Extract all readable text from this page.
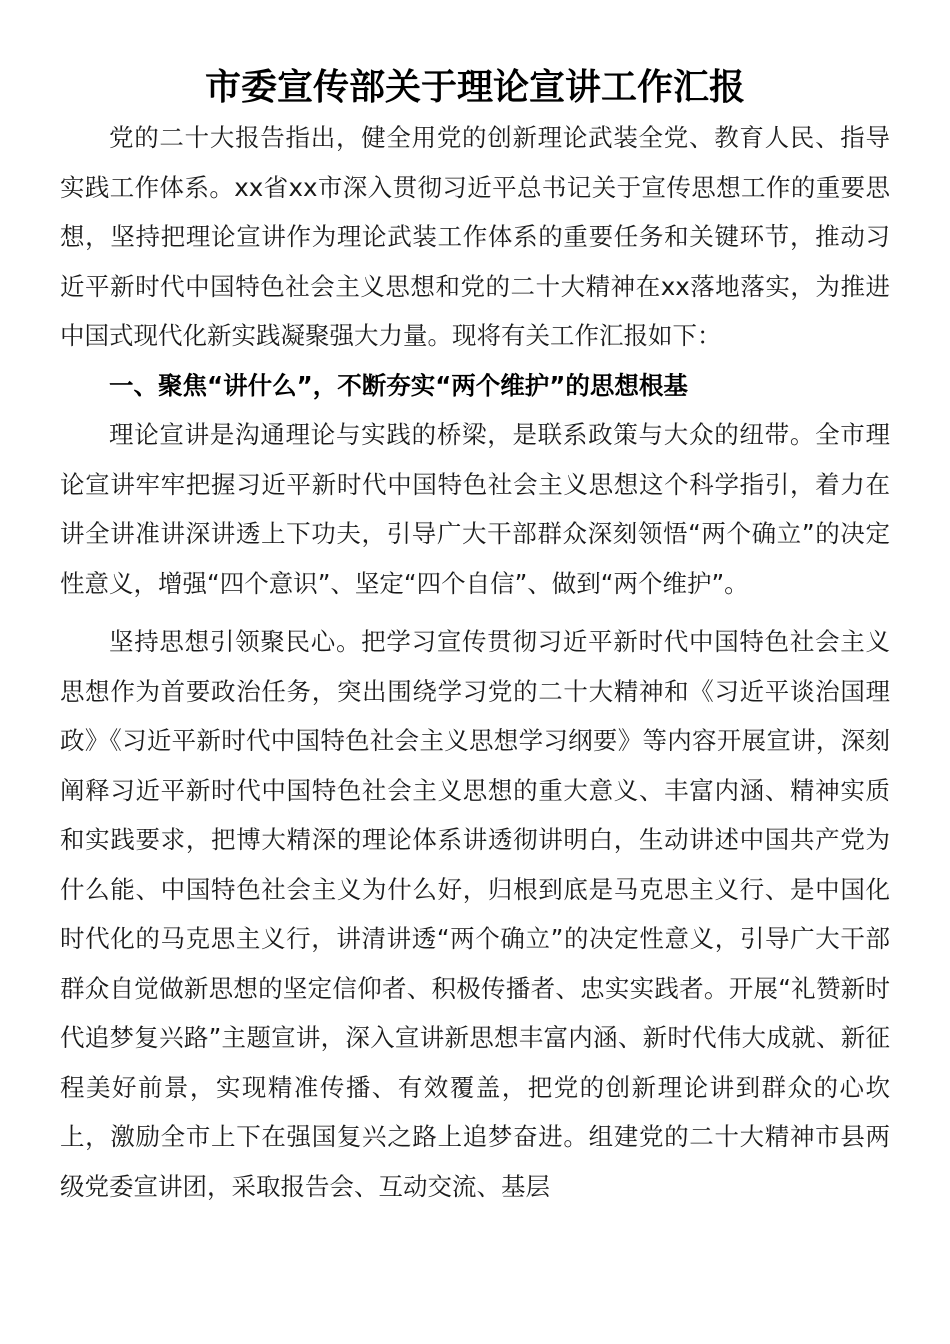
市委宣传部关于理论宣讲工作汇报

党的二十大报告指出，健全用党的创新理论武装全党、教育人民、指导实践工作体系。xx省xx市深入贯彻习近平总书记关于宣传思想工作的重要思想，坚持把理论宣讲作为理论武装工作体系的重要任务和关键环节，推动习近平新时代中国特色社会主义思想和党的二十大精神在xx落地落实，为推进中国式现代化新实践凝聚强大力量。现将有关工作汇报如下：

一、聚焦“讲什么”，不断夯实“两个维护”的思想根基

理论宣讲是沟通理论与实践的桥梁，是联系政策与大众的纽带。全市理论宣讲牢牢把握习近平新时代中国特色社会主义思想这个科学指引，着力在讲全讲准讲深讲透上下功夫，引导广大干部群众深刻领悟“两个确立”的决定性意义，增强“四个意识”、坚定“四个自信”、做到“两个维护”。

坚持思想引领聚民心。把学习宣传贯彻习近平新时代中国特色社会主义思想作为首要政治任务，突出围绕学习党的二十大精神和《习近平谈治国理政》《习近平新时代中国特色社会主义思想学习纲要》等内容开展宣讲，深刻阐释习近平新时代中国特色社会主义思想的重大意义、丰富内涵、精神实质和实践要求，把博大精深的理论体系讲透彻讲明白，生动讲述中国共产党为什么能、中国特色社会主义为什么好，归根到底是马克思主义行、是中国化时代化的马克思主义行，讲清讲透“两个确立”的决定性意义，引导广大干部群众自觉做新思想的坚定信仰者、积极传播者、忠实实践者。开展“礼赞新时代追梦复兴路”主题宣讲，深入宣讲新思想丰富内涵、新时代伟大成就、新征程美好前景，实现精准传播、有效覆盖，把党的创新理论讲到群众的心坎上，激励全市上下在强国复兴之路上追梦奋进。组建党的二十大精神市县两级党委宣讲团，采取报告会、互动交流、基层
